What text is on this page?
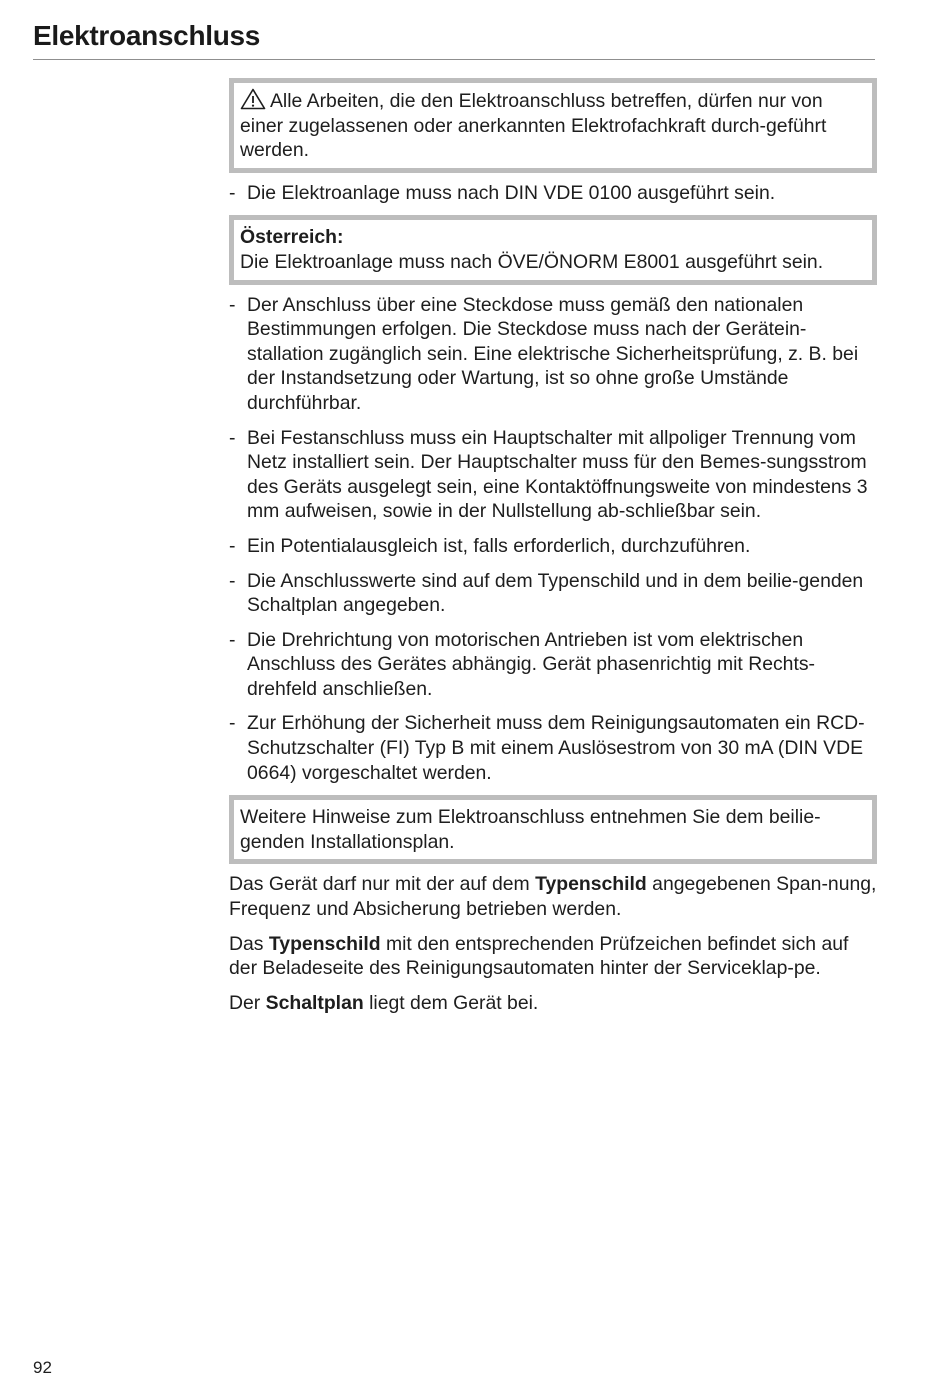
Elektroanschluss
Alle Arbeiten, die den Elektroanschluss betreffen, dürfen nur von einer zugelassenen oder anerkannten Elektrofachkraft durch-geführt werden.
- Die Elektroanlage muss nach DIN VDE 0100 ausgeführt sein.
Österreich:
Die Elektroanlage muss nach ÖVE/ÖNORM E8001 ausgeführt sein.
- Der Anschluss über eine Steckdose muss gemäß den nationalen Bestimmungen erfolgen. Die Steckdose muss nach der Gerätein-stallation zugänglich sein. Eine elektrische Sicherheitsprüfung, z. B. bei der Instandsetzung oder Wartung, ist so ohne große Umstände durchführbar.
- Bei Festanschluss muss ein Hauptschalter mit allpoliger Trennung vom Netz installiert sein. Der Hauptschalter muss für den Bemes-sungsstrom des Geräts ausgelegt sein, eine Kontaktöffnungsweite von mindestens 3 mm aufweisen, sowie in der Nullstellung ab-schließbar sein.
- Ein Potentialausgleich ist, falls erforderlich, durchzuführen.
- Die Anschlusswerte sind auf dem Typenschild und in dem beilie-genden Schaltplan angegeben.
- Die Drehrichtung von motorischen Antrieben ist vom elektrischen Anschluss des Gerätes abhängig. Gerät phasenrichtig mit Rechts-drehfeld anschließen.
- Zur Erhöhung der Sicherheit muss dem Reinigungsautomaten ein RCD-Schutzschalter (FI) Typ B mit einem Auslösestrom von 30 mA (DIN VDE 0664) vorgeschaltet werden.
Weitere Hinweise zum Elektroanschluss entnehmen Sie dem beilie-genden Installationsplan.

Das Gerät darf nur mit der auf dem Typenschild angegebenen Span-nung, Frequenz und Absicherung betrieben werden.

Das Typenschild mit den entsprechenden Prüfzeichen befindet sich auf der Beladeseite des Reinigungsautomaten hinter der Serviceklap-pe.

Der Schaltplan liegt dem Gerät bei.

92
